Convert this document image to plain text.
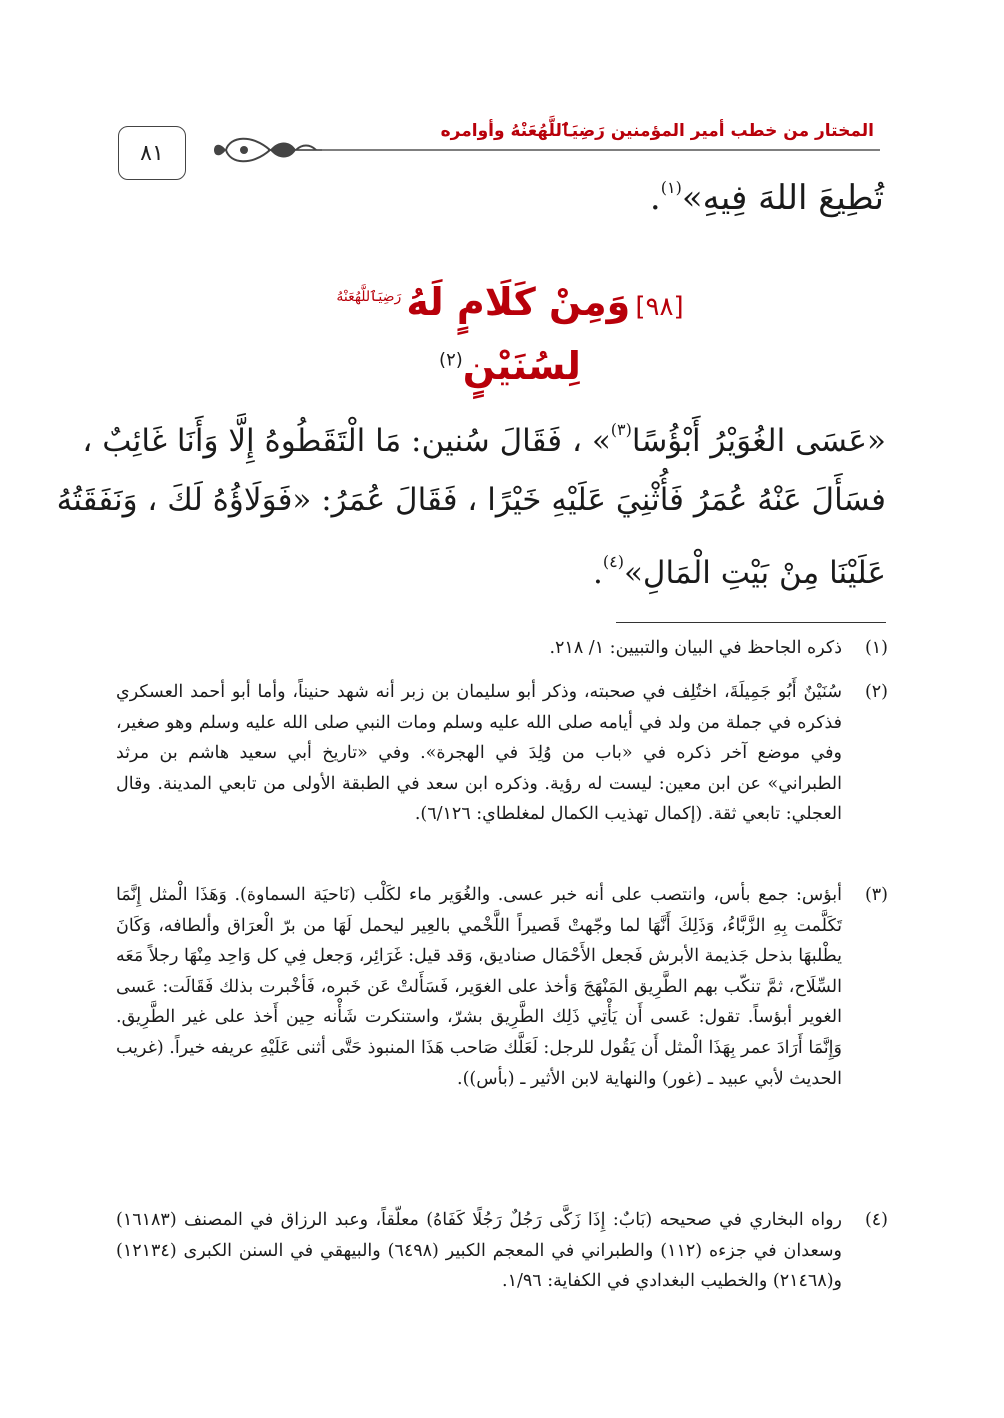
٨١
المختار من خطب أمير المؤمنين رَضِيَٱللَّهُعَنْهُ وأوامره
تُطِيعَ اللهَ فِيهِ»$^{(١)}$.
[٩٨] وَمِنْ كَلَامٍ لَهُ رَضِيَٱللَّهُعَنْهُ
لِسُنَيْنٍ$^{(٢)}$
«عَسَى الغُوَيْرُ أَبْؤُسًا$^{(٣)}$» ، فَقَالَ سُنين: مَا الْتَقَطُوهُ إِلَّا وَأَنَا غَائِبٌ ،
فسَأَلَ عَنْهُ عُمَرُ فَأُثْنِيَ عَلَيْهِ خَيْرًا ، فَقَالَ عُمَرُ: «فَوَلَاؤُهُ لَكَ ، وَنَفَقَتُهُ
عَلَيْنَا مِنْ بَيْتِ الْمَالِ»$^{(٤)}$.
(١)
ذكره الجاحظ في البيان والتبيين: ١/ ٢١٨.
(٢)
سُنَيْنٌ أَبُو جَمِيلَةَ، اختُلِف في صحبته، وذكر أبو سليمان بن زبر أنه شهد حنيناً، وأما أبو أحمد العسكري فذكره في جملة من ولد في أيامه صلى الله عليه وسلم ومات النبي صلى الله عليه وسلم وهو صغير، وفي موضع آخر ذكره في «باب من وُلِدَ في الهجرة». وفي «تاريخ أبي سعيد هاشم بن مرثد الطبراني» عن ابن معين: ليست له رؤية. وذكره ابن سعد في الطبقة الأولى من تابعي المدينة. وقال العجلي: تابعي ثقة. (إكمال تهذيب الكمال لمغلطاي: ٦/١٢٦).
(٣)
أبؤس: جمع بأس، وانتصب على أنه خبر عسى. والغُوَير ماء لكَلْب (نَاحيَة السماوة). وَهَذَا الْمثل إِنَّمَا تَكَلَّمت بِهِ الزَّبَّاءُ، وَذَلِكَ أَنَّهَا لما وجّهتْ قَصيراً اللَّخْمي بالعِير ليحمل لَهَا من برّ الْعرَاق وألطافه، وَكَانَ يطْلبهَا بذحل جَذيمة الأبرش فَجعل الأَحْمَال صناديق، وَقد قيل: غَرَائِر، وَجعل فِي كل وَاحِد مِنْهَا رجلاً مَعَه السِّلَاح، ثمَّ تنكّب بهم الطَّرِيق المَنْهَجَ وَأخذ على الغوَير، فَسَأَلتْ عَن خَبره، فَأخْبرت بذلك فَقَالَت: عَسى الغوير أبؤساً. تقول: عَسى أَن يَأْتِي ذَلِك الطَّرِيق بشرّ، واستنكرت شَأْنه حِين أَخذ على غير الطَّرِيق. وَإِنَّمَا أَرَادَ عمر بِهَذَا الْمثل أَن يَقُول للرجل: لَعَلَّك صَاحب هَذَا المنبوذ حَتَّى أثنى عَلَيْهِ عريفه خيراً. (غريب الحديث لأبي عبيد ـ (غور) والنهاية لابن الأثير ـ (بأس)).
(٤)
رواه البخاري في صحيحه (بَابٌ: إِذَا زَكَّى رَجُلٌ رَجُلًا كَفَاهُ) معلّقاً، وعبد الرزاق في المصنف (١٦١٨٣) وسعدان في جزءه (١١٢) والطبراني في المعجم الكبير (٦٤٩٨) والبيهقي في السنن الكبرى (١٢١٣٤) و(٢١٤٦٨) والخطيب البغدادي في الكفاية: ١/٩٦.
